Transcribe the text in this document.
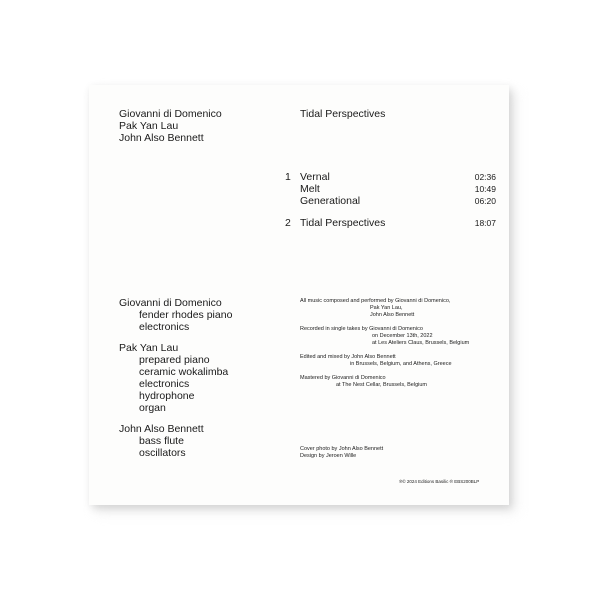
Giovanni di Domenico
Pak Yan Lau
John Also Bennett
Tidal Perspectives
1 Vernal	02:36
Melt	10:49
Generational	06:20
2 Tidal Perspectives	18:07
Giovanni di Domenico
fender rhodes piano
electronics
Pak Yan Lau
prepared piano
ceramic wokalimba
electronics
hydrophone
organ
John Also Bennett
bass flute
oscillators
All music composed and performed by Giovanni di Domenico,
Pak Yan Lau,
John Also Bennett
Recorded in single takes by Giovanni di Domenico
on December 13th, 2022
at Les Ateliers Claus, Brussels, Belgium
Edited and mixed by John Also Bennett
in Brussels, Belgium, and Athens, Greece
Mastered by Giovanni di Domenico
at The Nest Cellar, Brussels, Belgium
Cover photo by John Also Bennett
Design by Jeroen Wille
℗© 2024 Editions Basilic ℗ EBS200BLP
